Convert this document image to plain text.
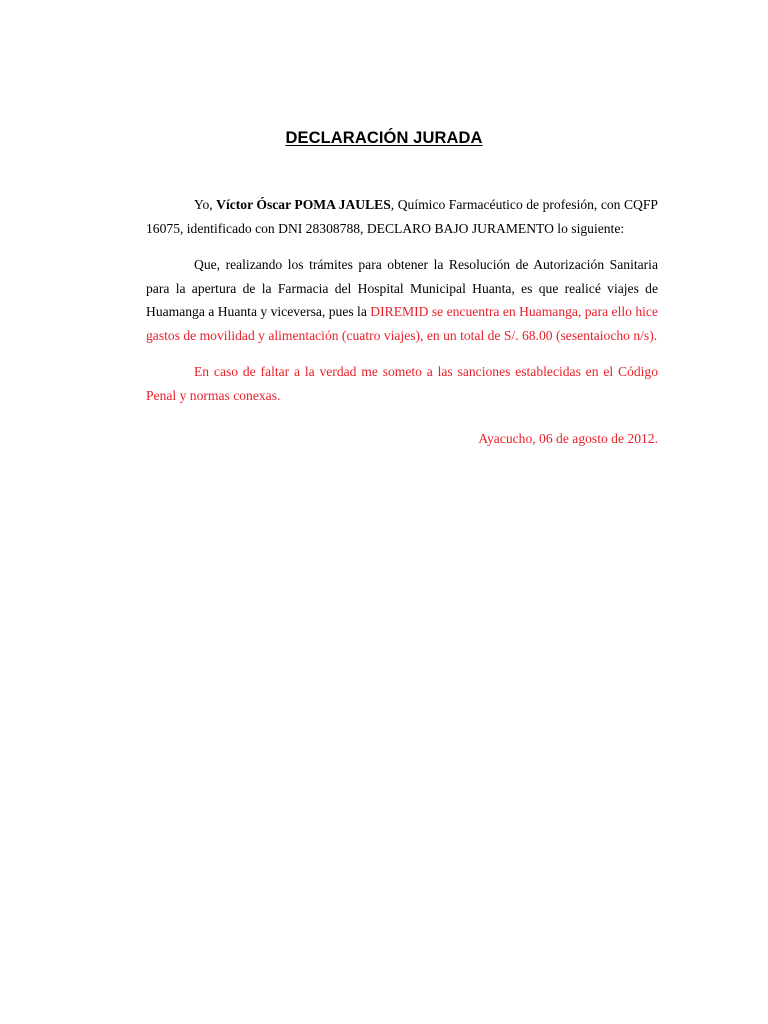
DECLARACIÓN JURADA

Yo, Víctor Óscar POMA JAULES, Químico Farmacéutico de profesión, con CQFP 16075, identificado con DNI 28308788, DECLARO BAJO JURAMENTO lo siguiente:

Que, realizando los trámites para obtener la Resolución de Autorización Sanitaria para la apertura de la Farmacia del Hospital Municipal Huanta, es que realicé viajes de Huamanga a Huanta y viceversa, pues la DIREMID se encuentra en Huamanga, para ello hice gastos de movilidad y alimentación (cuatro viajes), en un total de S/. 68.00 (sesentaiocho n/s).

En caso de faltar a la verdad me someto a las sanciones establecidas en el Código Penal y normas conexas.

Ayacucho, 06 de agosto de 2012.
